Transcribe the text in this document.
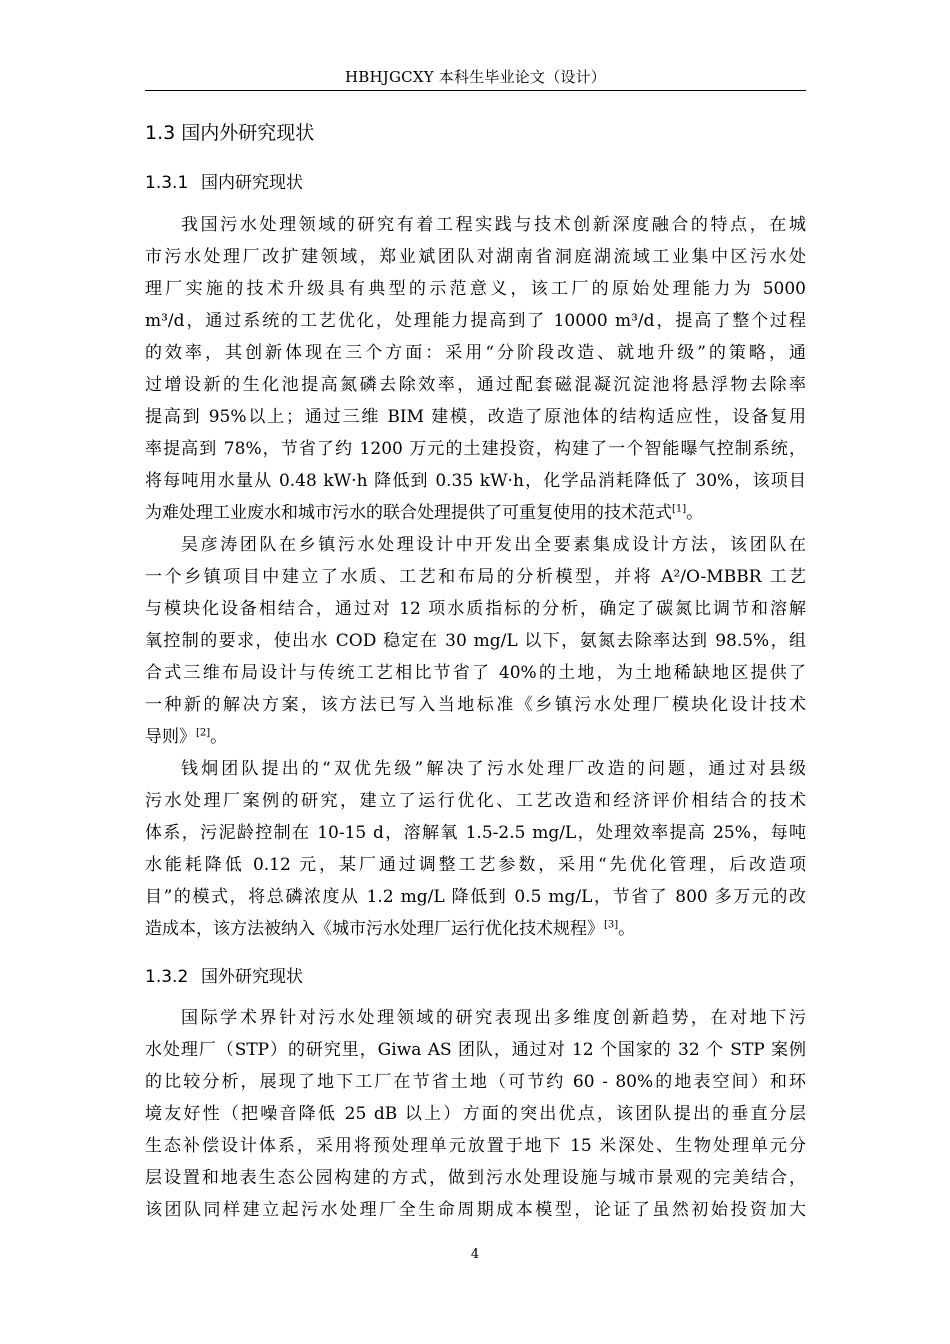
HBHJGCXY 本科生毕业论文（设计）
1.3 国内外研究现状
1.3.1 国内研究现状
我国污水处理领域的研究有着工程实践与技术创新深度融合的特点，在城
市污水处理厂改扩建领域，郑业斌团队对湖南省洞庭湖流域工业集中区污水处
理厂实施的技术升级具有典型的示范意义，该工厂的原始处理能力为 5000
m³/d，通过系统的工艺优化，处理能力提高到了 10000 m³/d，提高了整个过程
的效率，其创新体现在三个方面：采用“分阶段改造、就地升级”的策略，通
过增设新的生化池提高氮磷去除效率，通过配套磁混凝沉淀池将悬浮物去除率
提高到 95%以上；通过三维 BIM 建模，改造了原池体的结构适应性，设备复用
率提高到 78%，节省了约 1200 万元的土建投资，构建了一个智能曝气控制系统，
将每吨用水量从 0.48 kW·h 降低到 0.35 kW·h，化学品消耗降低了 30%，该项目
为难处理工业废水和城市污水的联合处理提供了可重复使用的技术范式[1]。
吴彦涛团队在乡镇污水处理设计中开发出全要素集成设计方法，该团队在
一个乡镇项目中建立了水质、工艺和布局的分析模型，并将 A²/O-MBBR 工艺
与模块化设备相结合，通过对 12 项水质指标的分析，确定了碳氮比调节和溶解
氧控制的要求，使出水 COD 稳定在 30 mg/L 以下，氨氮去除率达到 98.5%，组
合式三维布局设计与传统工艺相比节省了 40%的土地，为土地稀缺地区提供了
一种新的解决方案，该方法已写入当地标准《乡镇污水处理厂模块化设计技术
导则》[2]。
钱炯团队提出的“双优先级”解决了污水处理厂改造的问题，通过对县级
污水处理厂案例的研究，建立了运行优化、工艺改造和经济评价相结合的技术
体系，污泥龄控制在 10-15 d，溶解氧 1.5-2.5 mg/L，处理效率提高 25%，每吨
水能耗降低 0.12 元，某厂通过调整工艺参数，采用“先优化管理，后改造项
目”的模式，将总磷浓度从 1.2 mg/L 降低到 0.5 mg/L，节省了 800 多万元的改
造成本，该方法被纳入《城市污水处理厂运行优化技术规程》[3]。
1.3.2 国外研究现状
国际学术界针对污水处理领域的研究表现出多维度创新趋势，在对地下污
水处理厂（STP）的研究里，Giwa AS 团队，通过对 12 个国家的 32 个 STP 案例
的比较分析，展现了地下工厂在节省土地（可节约 60 - 80%的地表空间）和环
境友好性（把噪音降低 25 dB 以上）方面的突出优点，该团队提出的垂直分层
生态补偿设计体系，采用将预处理单元放置于地下 15 米深处、生物处理单元分
层设置和地表生态公园构建的方式，做到污水处理设施与城市景观的完美结合，
该团队同样建立起污水处理厂全生命周期成本模型，论证了虽然初始投资加大
4
